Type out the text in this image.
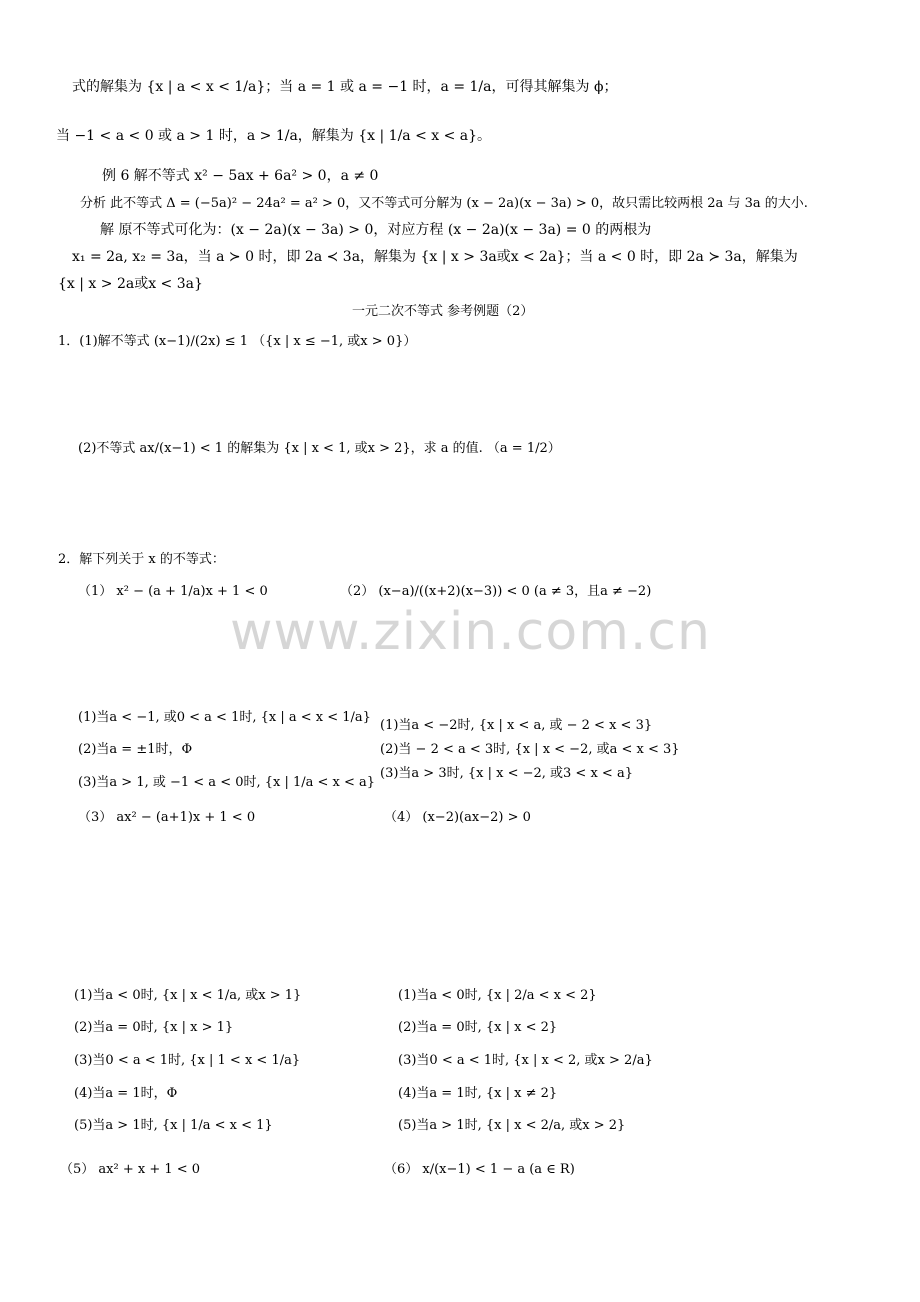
www.zixin.com.cn
式的解集为 {x | a < x < 1/a}；当 a = 1 或 a = −1 时，a = 1/a，可得其解集为 ϕ；
当 −1 < a < 0 或 a > 1 时，a > 1/a，解集为 {x | 1/a < x < a}。
例 6 解不等式 x² − 5ax + 6a² > 0，a ≠ 0
分析 此不等式 Δ = (−5a)² − 24a² = a² > 0，又不等式可分解为 (x − 2a)(x − 3a) > 0，故只需比较两根 2a 与 3a 的大小.
解 原不等式可化为：(x − 2a)(x − 3a) > 0，对应方程 (x − 2a)(x − 3a) = 0 的两根为
x₁ = 2a, x₂ = 3a，当 a ≻ 0 时，即 2a ≺ 3a，解集为 {x | x > 3a或x < 2a}；当 a < 0 时，即 2a ≻ 3a，解集为
{x | x > 2a或x < 3a}
一元二次不等式 参考例题（2）
1．(1)解不等式 (x−1)/(2x) ≤ 1 （{x | x ≤ −1, 或x > 0}）
(2)不等式 ax/(x−1) < 1 的解集为 {x | x < 1, 或x > 2}，求 a 的值. （a = 1/2）
2．解下列关于 x 的不等式：
（1） x² − (a + 1/a)x + 1 < 0	（2） (x−a)/((x+2)(x−3)) < 0 (a ≠ 3，且a ≠ −2)
(1)当a < −1, 或0 < a < 1时, {x | a < x < 1/a}
(2)当a = ±1时，Φ
(3)当a > 1, 或 −1 < a < 0时, {x | 1/a < x < a}
(1)当a < −2时, {x | x < a, 或 − 2 < x < 3}
(2)当 − 2 < a < 3时, {x | x < −2, 或a < x < 3}
(3)当a > 3时, {x | x < −2, 或3 < x < a}
（3） ax² − (a+1)x + 1 < 0	（4） (x−2)(ax−2) > 0
(1)当a < 0时, {x | x < 1/a, 或x > 1}
(2)当a = 0时, {x | x > 1}
(3)当0 < a < 1时, {x | 1 < x < 1/a}
(4)当a = 1时，Φ
(5)当a > 1时, {x | 1/a < x < 1}
(1)当a < 0时, {x | 2/a < x < 2}
(2)当a = 0时, {x | x < 2}
(3)当0 < a < 1时, {x | x < 2, 或x > 2/a}
(4)当a = 1时, {x | x ≠ 2}
(5)当a > 1时, {x | x < 2/a, 或x > 2}
（5） ax² + x + 1 < 0	（6） x/(x−1) < 1 − a (a ∈ R)
